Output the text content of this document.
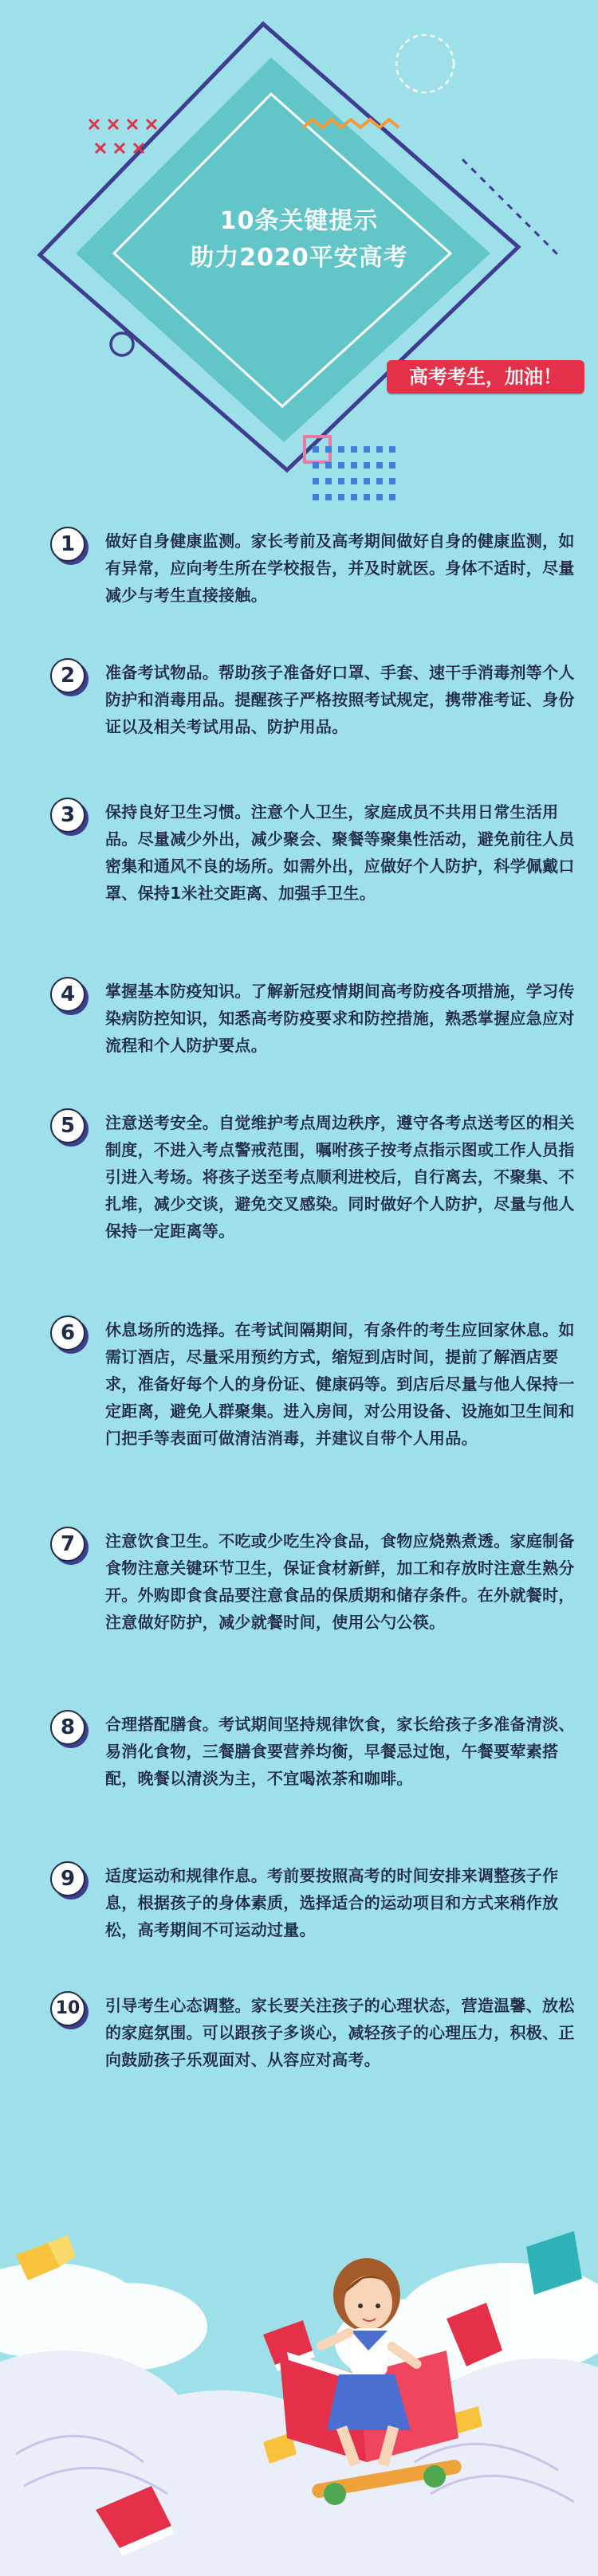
10条关键提示
助力2020平安高考
高考考生，加油！
1	做好自身健康监测。家长考前及高考期间做好自身的健康监测，如有异常，应向考生所在学校报告，并及时就医。身体不适时，尽量减少与考生直接接触。
2	准备考试物品。帮助孩子准备好口罩、手套、速干手消毒剂等个人防护和消毒用品。提醒孩子严格按照考试规定，携带准考证、身份证以及相关考试用品、防护用品。
3	保持良好卫生习惯。注意个人卫生，家庭成员不共用日常生活用品。尽量减少外出，减少聚会、聚餐等聚集性活动，避免前往人员密集和通风不良的场所。如需外出，应做好个人防护，科学佩戴口罩、保持1米社交距离、加强手卫生。
4	掌握基本防疫知识。了解新冠疫情期间高考防疫各项措施，学习传染病防控知识，知悉高考防疫要求和防控措施，熟悉掌握应急应对流程和个人防护要点。
5	注意送考安全。自觉维护考点周边秩序，遵守各考点送考区的相关制度，不进入考点警戒范围，嘱咐孩子按考点指示图或工作人员指引进入考场。将孩子送至考点顺利进校后，自行离去，不聚集、不扎堆，减少交谈，避免交叉感染。同时做好个人防护，尽量与他人保持一定距离等。
6	休息场所的选择。在考试间隔期间，有条件的考生应回家休息。如需订酒店，尽量采用预约方式，缩短到店时间，提前了解酒店要求，准备好每个人的身份证、健康码等。到店后尽量与他人保持一定距离，避免人群聚集。进入房间，对公用设备、设施如卫生间和门把手等表面可做清洁消毒，并建议自带个人用品。
7	注意饮食卫生。不吃或少吃生冷食品，食物应烧熟煮透。家庭制备食物注意关键环节卫生，保证食材新鲜，加工和存放时注意生熟分开。外购即食食品要注意食品的保质期和储存条件。在外就餐时，注意做好防护，减少就餐时间，使用公勺公筷。
8	合理搭配膳食。考试期间坚持规律饮食，家长给孩子多准备清淡、易消化食物，三餐膳食要营养均衡，早餐忌过饱，午餐要荤素搭配，晚餐以清淡为主，不宜喝浓茶和咖啡。
9	适度运动和规律作息。考前要按照高考的时间安排来调整孩子作息，根据孩子的身体素质，选择适合的运动项目和方式来稍作放松，高考期间不可运动过量。
10	引导考生心态调整。家长要关注孩子的心理状态，营造温馨、放松的家庭氛围。可以跟孩子多谈心，减轻孩子的心理压力，积极、正向鼓励孩子乐观面对、从容应对高考。
